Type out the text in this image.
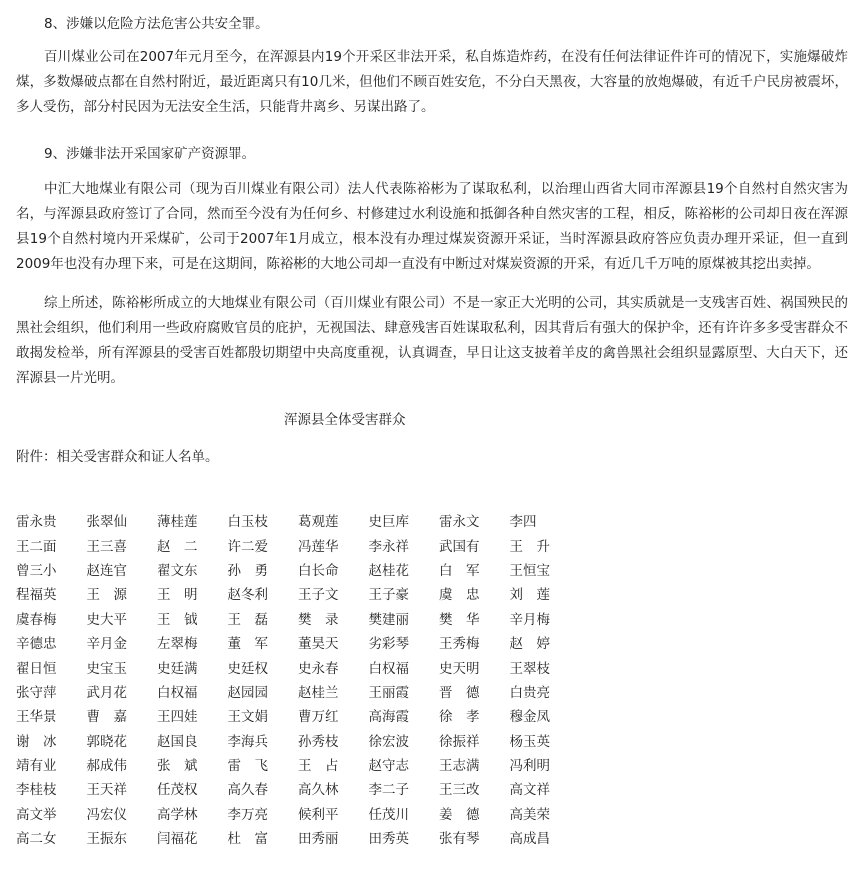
8、涉嫌以危险方法危害公共安全罪。

百川煤业公司在2007年元月至今，在浑源县内19个开采区非法开采，私自炼造炸药，在没有任何法律证件许可的情况下，实施爆破炸煤，多数爆破点都在自然村附近，最近距离只有10几米，但他们不顾百姓安危，不分白天黑夜，大容量的放炮爆破，有近千户民房被震坏，多人受伤，部分村民因为无法安全生活，只能背井离乡、另谋出路了。

9、涉嫌非法开采国家矿产资源罪。

中汇大地煤业有限公司（现为百川煤业有限公司）法人代表陈裕彬为了谋取私利，以治理山西省大同市浑源县19个自然村自然灾害为名，与浑源县政府签订了合同，然而至今没有为任何乡、村修建过水利设施和抵御各种自然灾害的工程，相反，陈裕彬的公司却日夜在浑源县19个自然村境内开采煤矿，公司于2007年1月成立，根本没有办理过煤炭资源开采证，当时浑源县政府答应负责办理开采证，但一直到2009年也没有办理下来，可是在这期间，陈裕彬的大地公司却一直没有中断过对煤炭资源的开采，有近几千万吨的原煤被其挖出卖掉。

综上所述，陈裕彬所成立的大地煤业有限公司（百川煤业有限公司）不是一家正大光明的公司，其实质就是一支残害百姓、祸国殃民的黑社会组织，他们利用一些政府腐败官员的庇护，无视国法、肆意残害百姓谋取私利，因其背后有强大的保护伞，还有许许多多受害群众不敢揭发检举，所有浑源县的受害百姓都殷切期望中央高度重视，认真调查，早日让这支披着羊皮的禽兽黑社会组织显露原型、大白天下，还浑源县一片光明。

浑源县全体受害群众
附件：相关受害群众和证人名单。
雷永贵	张翠仙	薄桂莲	白玉枝	葛观莲	史巨库	雷永文	李四
王二面	王三喜	赵　二	许二爱	冯莲华	李永祥	武国有	王　升
曾三小	赵连官	翟文东	孙　勇	白长命	赵桂花	白　军	王恒宝
程福英	王　源	王　明	赵冬利	王子文	王子豪	虞　忠	刘　莲
虞春梅	史大平	王　钺	王　磊	樊　录	樊建丽	樊　华	辛月梅
辛德忠	辛月金	左翠梅	董　军	董昊天	劣彩琴	王秀梅	赵　婷
翟日恒	史宝玉	史廷满	史廷权	史永春	白权福	史天明	王翠枝
张守萍	武月花	白权福	赵园园	赵桂兰	王丽霞	晋　德	白贵亮
王华景	曹　嘉	王四娃	王文娟	曹万红	高海霞	徐　孝	穆金凤
谢　冰	郭晓花	赵国良	李海兵	孙秀枝	徐宏波	徐振祥	杨玉英
靖有业	郝成伟	张　斌	雷　飞	王　占	赵守志	王志满	冯利明
李桂枝	王天祥	任茂权	高久春	高久林	李二子	王三改	高文祥
高文举	冯宏仪	高学林	李万亮	候利平	任茂川	姜　德	高美荣
高二女	王振东	闫福花	杜　富	田秀丽	田秀英	张有琴	高成昌
